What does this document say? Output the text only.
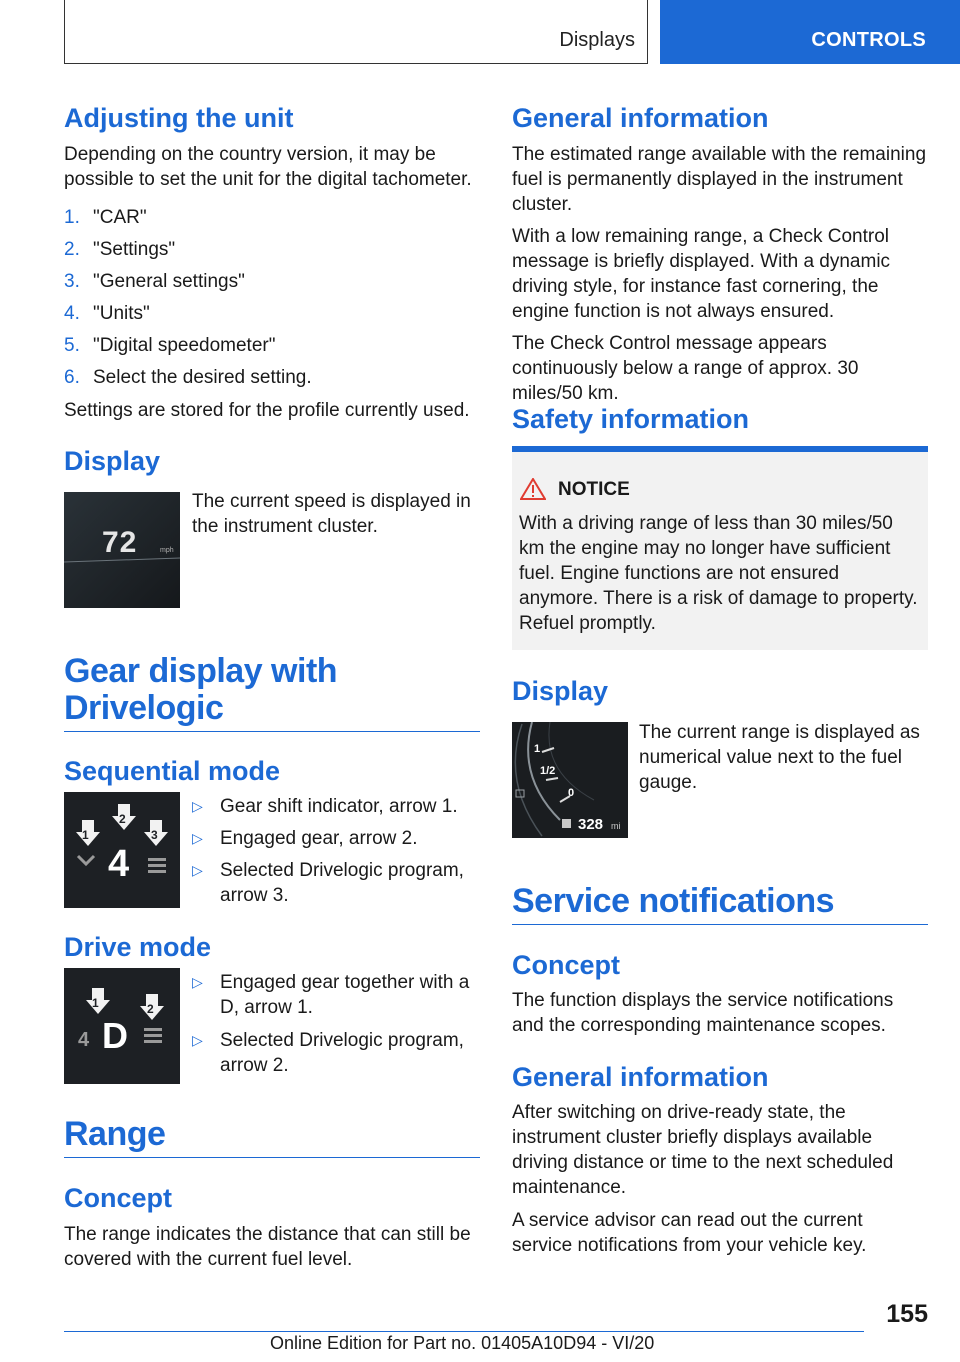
Displays	CONTROLS
Adjusting the unit
Depending on the country version, it may be possible to set the unit for the digital tachometer.
1. "CAR"
2. "Settings"
3. "General settings"
4. "Units"
5. "Digital speedometer"
6. Select the desired setting.
Settings are stored for the profile currently used.
Display
72	mph
The current speed is displayed in the instrument cluster.
Gear display with
Drivelogic
Sequential mode
1
2
3
4
▷ Gear shift indicator, arrow 1.
▷ Engaged gear, arrow 2.
▷ Selected Drivelogic program, arrow 3.
Drive mode
1	2
4 D
▷ Engaged gear together with a D, arrow 1.
▷ Selected Drivelogic program, arrow 2.
Range
Concept
The range indicates the distance that can still be covered with the current fuel level.
General information
The estimated range available with the remaining fuel is permanently displayed in the instrument cluster.
With a low remaining range, a Check Control message is briefly displayed. With a dynamic driving style, for instance fast cornering, the engine function is not always ensured.
The Check Control message appears continuously below a range of approx. 30 miles/50 km.
Safety information
NOTICE
With a driving range of less than 30 miles/50 km the engine may no longer have sufficient fuel. Engine functions are not ensured anymore. There is a risk of damage to property. Refuel promptly.
Display
1
1/2
0
328 mi
The current range is displayed as numerical value next to the fuel gauge.
Service notifications
Concept
The function displays the service notifications and the corresponding maintenance scopes.
General information
After switching on drive-ready state, the instrument cluster briefly displays available driving distance or time to the next scheduled maintenance.
A service advisor can read out the current service notifications from your vehicle key.
155
Online Edition for Part no. 01405A10D94 - VI/20
